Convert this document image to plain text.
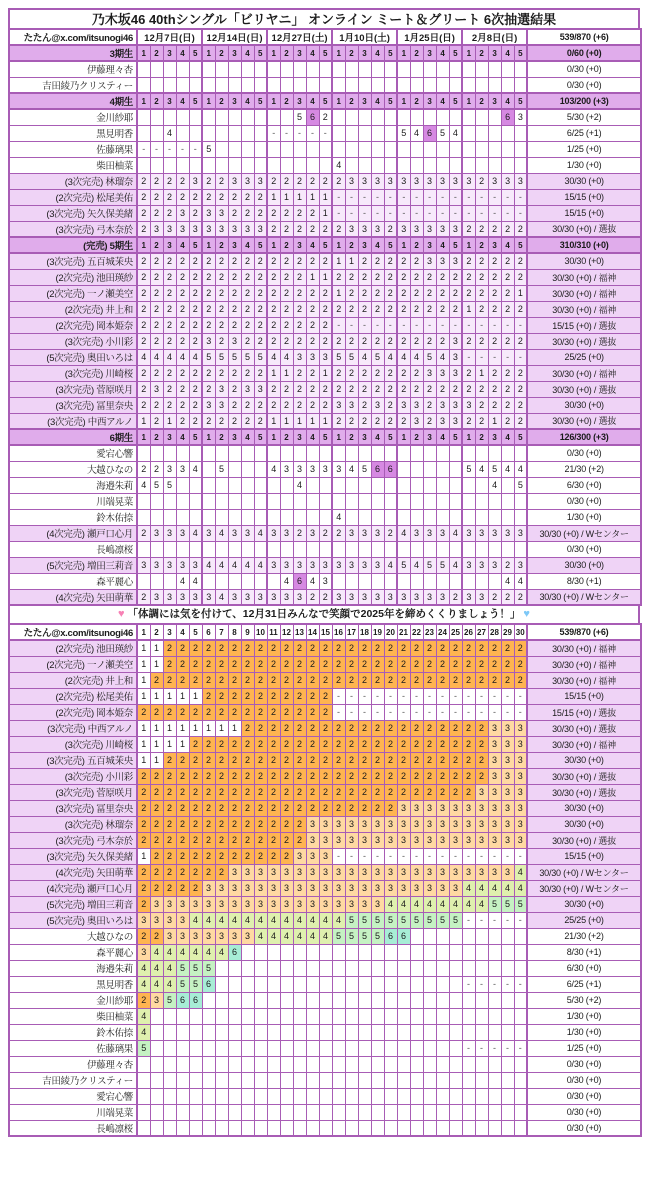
乃木坂46 40thシングル「ビリヤニ」 オンライン ミート＆グリート 6次抽選結果
たたん@x.com/itsunogi46	12月7日(日)					12月14日(日)					12月27日(土)					1月10日(土)					1月25日(日)					2月8日(日)					539/870 (+6)
3期生	1	2	3	4	5	1	2	3	4	5	1	2	3	4	5	1	2	3	4	5	1	2	3	4	5	1	2	3	4	5	0/60 (+0)
伊藤理々杏																															0/30 (+0)
吉田綾乃クリスティー																															0/30 (+0)
4期生	1	2	3	4	5	1	2	3	4	5	1	2	3	4	5	1	2	3	4	5	1	2	3	4	5	1	2	3	4	5	103/200 (+3)
金川紗耶													5	6	2														6	3	5/30 (+2)
黒見明香			4								-	-	-	-	-						5	4	6	5	4						6/25 (+1)
佐藤璃果	-	-	-	-	-	5																									1/25 (+0)
柴田柚菜																4															1/30 (+0)
(3次完売) 林瑠奈	2	2	2	2	3	2	2	3	3	3	2	2	2	2	2	2	3	3	3	3	3	3	3	3	3	3	2	3	3	3	30/30 (+0)
(2次完売) 松尾美佑	2	2	2	2	2	2	2	2	2	2	1	1	1	1	1	-	-	-	-	-	-	-	-	-	-	-	-	-	-	-	15/15 (+0)
(3次完売) 矢久保美緒	2	2	2	3	2	3	3	2	2	2	2	2	2	2	1	-	-	-	-	-	-	-	-	-	-	-	-	-	-	-	15/15 (+0)
(3次完売) 弓木奈於	2	3	3	3	3	3	3	3	3	3	2	2	2	2	2	2	3	3	3	2	3	3	3	3	3	2	2	2	2	2	30/30 (+0) / 選抜
(完売) 5期生	1	2	3	4	5	1	2	3	4	5	1	2	3	4	5	1	2	3	4	5	1	2	3	4	5	1	2	3	4	5	310/310 (+0)
(3次完売) 五百城茉央	2	2	2	2	2	2	2	2	2	2	2	2	2	2	2	1	1	2	2	2	2	2	3	3	3	2	2	2	2	2	30/30 (+0)
(2次完売) 池田瑛紗	2	2	2	2	2	2	2	2	2	2	2	2	2	1	1	2	2	2	2	2	2	2	2	2	2	2	2	2	2	2	30/30 (+0) / 福神
(2次完売) 一ノ瀬美空	2	2	2	2	2	2	2	2	2	2	2	2	2	2	2	1	2	2	2	2	2	2	2	2	2	2	2	2	2	1	30/30 (+0) / 福神
(2次完売) 井上和	2	2	2	2	2	2	2	2	2	2	2	2	2	2	2	2	2	2	2	2	2	2	2	2	2	1	2	2	2	2	30/30 (+0) / 福神
(2次完売) 岡本姫奈	2	2	2	2	2	2	2	2	2	2	2	2	2	2	2	-	-	-	-	-	-	-	-	-	-	-	-	-	-	-	15/15 (+0) / 選抜
(3次完売) 小川彩	2	2	2	2	2	3	2	3	2	2	2	2	2	2	2	2	2	2	2	2	2	2	2	2	3	2	2	2	2	2	30/30 (+0) / 選抜
(5次完売) 奥田いろは	4	4	4	4	4	5	5	5	5	5	4	4	3	3	3	5	5	4	5	4	4	4	5	4	3	-	-	-	-	-	25/25 (+0)
(3次完売) 川崎桜	2	2	2	2	2	2	2	2	2	2	1	1	2	2	1	2	2	2	2	2	2	2	3	3	3	2	1	2	2	2	30/30 (+0) / 福神
(3次完売) 菅原咲月	2	3	2	2	2	2	3	2	3	3	2	2	2	2	2	2	2	2	2	2	2	2	2	2	2	2	2	2	2	2	30/30 (+0) / 選抜
(3次完売) 冨里奈央	2	2	2	2	2	3	3	2	2	2	2	2	2	2	2	3	3	2	3	2	3	3	2	3	3	3	2	2	2	2	30/30 (+0)
(3次完売) 中西アルノ	1	2	1	2	2	2	2	2	2	2	1	1	1	1	1	2	2	2	2	2	2	3	2	3	3	2	2	1	2	2	30/30 (+0) / 選抜
6期生	1	2	3	4	5	1	2	3	4	5	1	2	3	4	5	1	2	3	4	5	1	2	3	4	5	1	2	3	4	5	126/300 (+3)
愛宕心響																															0/30 (+0)
大越ひなの	2	2	3	3	4		5				4	3	3	3	3	3	4	5	6	6						5	4	5	4	4	21/30 (+2)
海邉朱莉	4	5	5										4															4		5	6/30 (+0)
川端晃菜																															0/30 (+0)
鈴木佑捺																4															1/30 (+0)
(4次完売) 瀬戸口心月	2	3	3	3	4	3	4	3	3	4	3	3	2	3	2	2	3	3	3	2	4	3	3	3	4	3	3	3	3	3	30/30 (+0) / Wセンター
長嶋凛桜																															0/30 (+0)
(5次完売) 増田三莉音	3	3	3	3	3	4	4	4	4	4	3	3	3	3	3	3	3	3	3	4	5	4	5	5	4	3	3	3	2	3	30/30 (+0)
森平麗心				4	4							4	6	4	3														4	4	8/30 (+1)
(4次完売) 矢田萌華	2	3	3	3	3	3	4	3	3	3	3	3	3	2	2	3	3	3	3	3	3	3	3	3	2	3	3	2	2	2	30/30 (+0) / Wセンター
♥ 「体調には気を付けて、12月31日みんなで笑顔で2025年を締めくくりましょう！」 ♥
たたん@x.com/itsunogi46	1	2	3	4	5	6	7	8	9	10	11	12	13	14	15	16	17	18	19	20	21	22	23	24	25	26	27	28	29	30	539/870 (+6)
(2次完売) 池田瑛紗	1	1	2	2	2	2	2	2	2	2	2	2	2	2	2	2	2	2	2	2	2	2	2	2	2	2	2	2	2	2	30/30 (+0) / 福神
(2次完売) 一ノ瀬美空	1	1	2	2	2	2	2	2	2	2	2	2	2	2	2	2	2	2	2	2	2	2	2	2	2	2	2	2	2	2	30/30 (+0) / 福神
(2次完売) 井上和	1	2	2	2	2	2	2	2	2	2	2	2	2	2	2	2	2	2	2	2	2	2	2	2	2	2	2	2	2	2	30/30 (+0) / 福神
(2次完売) 松尾美佑	1	1	1	1	1	2	2	2	2	2	2	2	2	2	2	-	-	-	-	-	-	-	-	-	-	-	-	-	-	-	15/15 (+0)
(2次完売) 岡本姫奈	2	2	2	2	2	2	2	2	2	2	2	2	2	2	2	-	-	-	-	-	-	-	-	-	-	-	-	-	-	-	15/15 (+0) / 選抜
(3次完売) 中西アルノ	1	1	1	1	1	1	1	1	2	2	2	2	2	2	2	2	2	2	2	2	2	2	2	2	2	2	2	3	3	3	30/30 (+0) / 選抜
(3次完売) 川崎桜	1	1	1	1	2	2	2	2	2	2	2	2	2	2	2	2	2	2	2	2	2	2	2	2	2	2	2	3	3	3	30/30 (+0) / 福神
(3次完売) 五百城茉央	1	1	2	2	2	2	2	2	2	2	2	2	2	2	2	2	2	2	2	2	2	2	2	2	2	2	2	3	3	3	30/30 (+0)
(3次完売) 小川彩	2	2	2	2	2	2	2	2	2	2	2	2	2	2	2	2	2	2	2	2	2	2	2	2	2	2	2	3	3	3	30/30 (+0) / 選抜
(3次完売) 菅原咲月	2	2	2	2	2	2	2	2	2	2	2	2	2	2	2	2	2	2	2	2	2	2	2	2	2	2	3	3	3	3	30/30 (+0) / 選抜
(3次完売) 冨里奈央	2	2	2	2	2	2	2	2	2	2	2	2	2	2	2	2	2	2	2	2	3	3	3	3	3	3	3	3	3	3	30/30 (+0)
(3次完売) 林瑠奈	2	2	2	2	2	2	2	2	2	2	2	2	2	3	3	3	3	3	3	3	3	3	3	3	3	3	3	3	3	3	30/30 (+0)
(3次完売) 弓木奈於	2	2	2	2	2	2	2	2	2	2	2	2	2	3	3	3	3	3	3	3	3	3	3	3	3	3	3	3	3	3	30/30 (+0) / 選抜
(3次完売) 矢久保美緒	1	2	2	2	2	2	2	2	2	2	2	2	3	3	3	-	-	-	-	-	-	-	-	-	-	-	-	-	-	-	15/15 (+0)
(4次完売) 矢田萌華	2	2	2	2	2	2	2	3	3	3	3	3	3	3	3	3	3	3	3	3	3	3	3	3	3	3	3	3	3	4	30/30 (+0) / Wセンター
(4次完売) 瀬戸口心月	2	2	2	2	2	3	3	3	3	3	3	3	3	3	3	3	3	3	3	3	3	3	3	3	3	4	4	4	4	4	30/30 (+0) / Wセンター
(5次完売) 増田三莉音	2	3	3	3	3	3	3	3	3	3	3	3	3	3	3	3	3	3	3	4	4	4	4	4	4	4	4	5	5	5	30/30 (+0)
(5次完売) 奥田いろは	3	3	3	3	4	4	4	4	4	4	4	4	4	4	4	4	5	5	5	5	5	5	5	5	5	-	-	-	-	-	25/25 (+0)
大越ひなの	2	2	3	3	3	3	3	3	3	4	4	4	4	4	4	5	5	5	5	6	6										21/30 (+2)
森平麗心	3	4	4	4	4	4	4	6																							8/30 (+1)
海邉朱莉	4	4	4	5	5	5																									6/30 (+0)
黒見明香	4	4	4	5	5	6																				-	-	-	-	-	6/25 (+1)
金川紗耶	2	3	5	6	6																										5/30 (+2)
柴田柚菜	4																														1/30 (+0)
鈴木佑捺	4																														1/30 (+0)
佐藤璃果	5																									-	-	-	-	-	1/25 (+0)
伊藤理々杏																															0/30 (+0)
吉田綾乃クリスティー																															0/30 (+0)
愛宕心響																															0/30 (+0)
川端晃菜																															0/30 (+0)
長嶋凛桜																															0/30 (+0)
